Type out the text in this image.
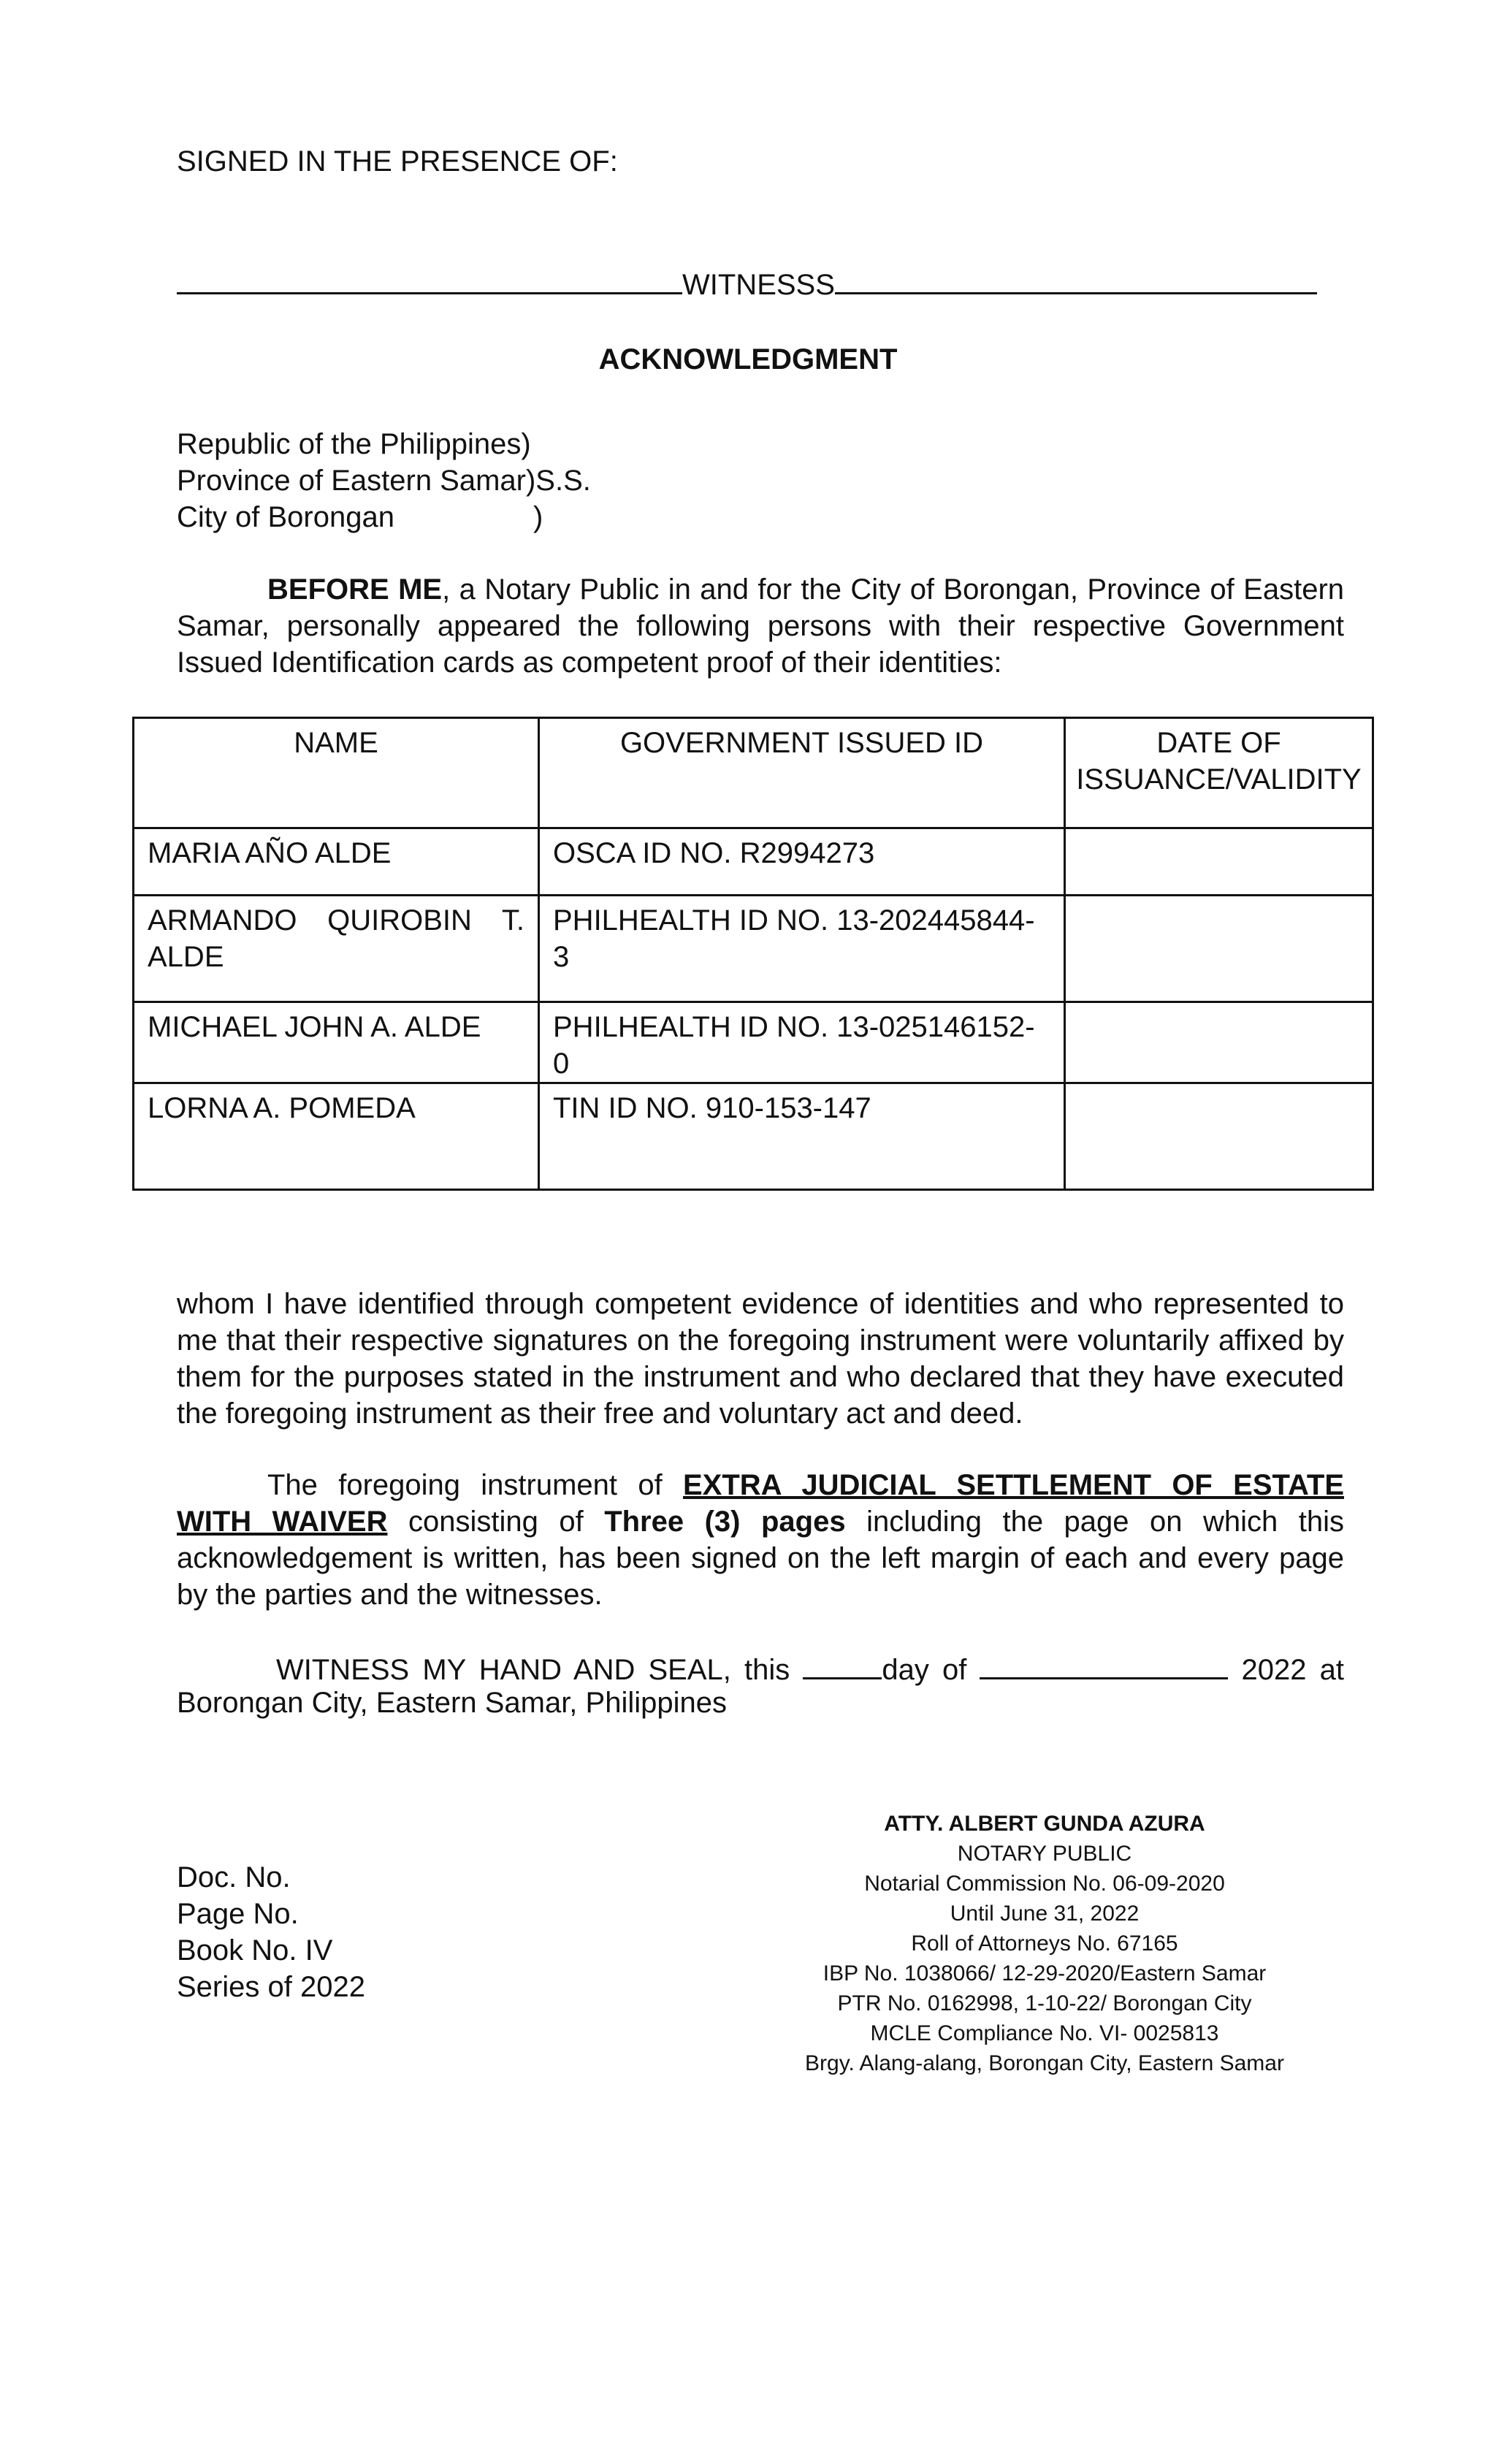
SIGNED IN THE PRESENCE OF:
WITNESSS
ACKNOWLEDGMENT
Republic of the Philippines)
Province of Eastern Samar)S.S.
City of Borongan	)
BEFORE ME, a Notary Public in and for the City of Borongan, Province of Eastern
Samar, personally appeared the following persons with their respective Government
Issued Identification cards as competent proof of their identities:
NAME	GOVERNMENT ISSUED ID	DATE OF ISSUANCE/VALIDITY
MARIA AÑO ALDE	OSCA ID NO. R2994273	
ARMANDO QUIROBIN T. ALDE	PHILHEALTH ID NO. 13-202445844-3	
MICHAEL JOHN A. ALDE	PHILHEALTH ID NO. 13-025146152-0	
LORNA A. POMEDA	TIN ID NO. 910-153-147	
whom I have identified through competent evidence of identities and who represented to
me that their respective signatures on the foregoing instrument were voluntarily affixed by
them for the purposes stated in the instrument and who declared that they have executed
the foregoing instrument as their free and voluntary act and deed.
The foregoing instrument of EXTRA JUDICIAL SETTLEMENT OF ESTATE
WITH WAIVER consisting of Three (3) pages including the page on which this
acknowledgement is written, has been signed on the left margin of each and every page
by the parties and the witnesses.
WITNESS MY HAND AND SEAL, this	day of	2022 at
Borongan City, Eastern Samar, Philippines
Doc. No.
Page No.
Book No. IV
Series of 2022
ATTY. ALBERT GUNDA AZURA
NOTARY PUBLIC
Notarial Commission No. 06-09-2020
Until June 31, 2022
Roll of Attorneys No. 67165
IBP No. 1038066/ 12-29-2020/Eastern Samar
PTR No. 0162998, 1-10-22/ Borongan City
MCLE Compliance No. VI- 0025813
Brgy. Alang-alang, Borongan City, Eastern Samar
